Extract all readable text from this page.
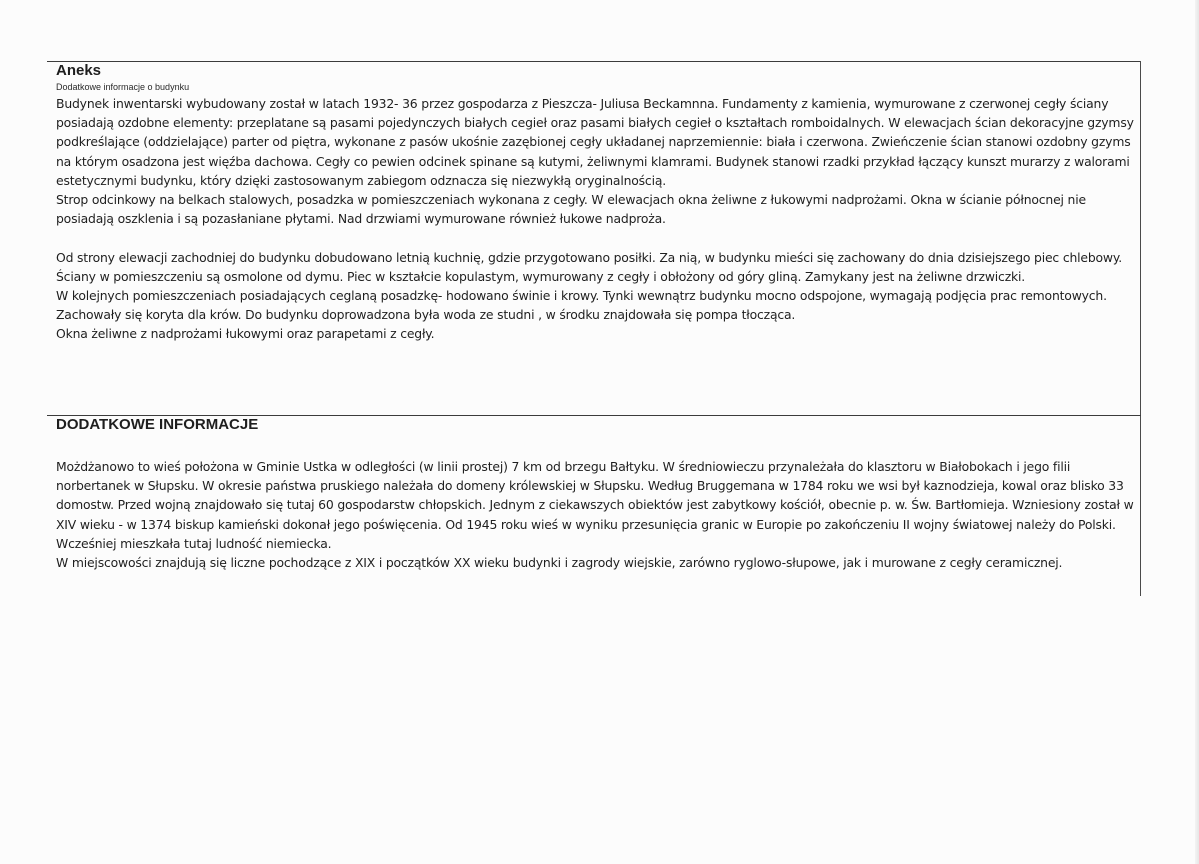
Aneks
Dodatkowe informacje o budynku

Budynek inwentarski wybudowany został w latach 1932- 36 przez gospodarza z Pieszcza- Juliusa Beckamnna. Fundamenty z kamienia, wymurowane z czerwonej cegły ściany posiadają ozdobne elementy: przeplatane są pasami pojedynczych białych cegieł oraz pasami białych cegieł o kształtach romboidalnych. W elewacjach ścian dekoracyjne gzymsy podkreślające (oddzielające) parter od piętra, wykonane z pasów ukośnie zazębionej cegły układanej naprzemiennie: biała i czerwona. Zwieńczenie ścian stanowi ozdobny gzyms na którym osadzona jest więźba dachowa. Cegły co pewien odcinek spinane są kutymi, żeliwnymi klamrami. Budynek stanowi rzadki przykład łączący kunszt murarzy z walorami estetycznymi budynku, który dzięki zastosowanym zabiegom odznacza się niezwykłą oryginalnością.

Strop odcinkowy na belkach stalowych, posadzka w pomieszczeniach wykonana z cegły. W elewacjach okna żeliwne z łukowymi nadprożami. Okna w ścianie północnej nie posiadają oszklenia i są pozasłaniane płytami. Nad drzwiami wymurowane również łukowe nadproża.

Od strony elewacji zachodniej do budynku dobudowano letnią kuchnię, gdzie przygotowano posiłki. Za nią, w budynku mieści się zachowany do dnia dzisiejszego piec chlebowy. Ściany w pomieszczeniu są osmolone od dymu. Piec w kształcie kopulastym, wymurowany z cegły i obłożony od góry gliną. Zamykany jest na żeliwne drzwiczki.

W kolejnych pomieszczeniach posiadających ceglaną posadzkę- hodowano świnie i krowy. Tynki wewnątrz budynku mocno odspojone, wymagają podjęcia prac remontowych. Zachowały się koryta dla krów. Do budynku doprowadzona była woda ze studni , w środku znajdowała się pompa tłocząca.

Okna żeliwne z nadprożami łukowymi oraz parapetami z cegły.

DODATKOWE INFORMACJE

Możdżanowo to wieś położona w Gminie Ustka w odległości (w linii prostej) 7 km od brzegu Bałtyku. W średniowieczu przynależała do klasztoru w Białobokach i jego filii norbertanek w Słupsku. W okresie państwa pruskiego należała do domeny królewskiej w Słupsku. Według Bruggemana w 1784 roku we wsi był kaznodzieja, kowal oraz blisko 33 domostw. Przed wojną znajdowało się tutaj 60 gospodarstw chłopskich. Jednym z ciekawszych obiektów jest zabytkowy kościół, obecnie p. w. Św. Bartłomieja. Wzniesiony został w XIV wieku - w 1374 biskup kamieński dokonał jego poświęcenia. Od 1945 roku wieś w wyniku przesunięcia granic w Europie po zakończeniu II wojny światowej należy do Polski. Wcześniej mieszkała tutaj ludność niemiecka.

W miejscowości znajdują się liczne pochodzące z XIX i początków XX wieku budynki i zagrody wiejskie, zarówno ryglowo-słupowe, jak i murowane z cegły ceramicznej.
